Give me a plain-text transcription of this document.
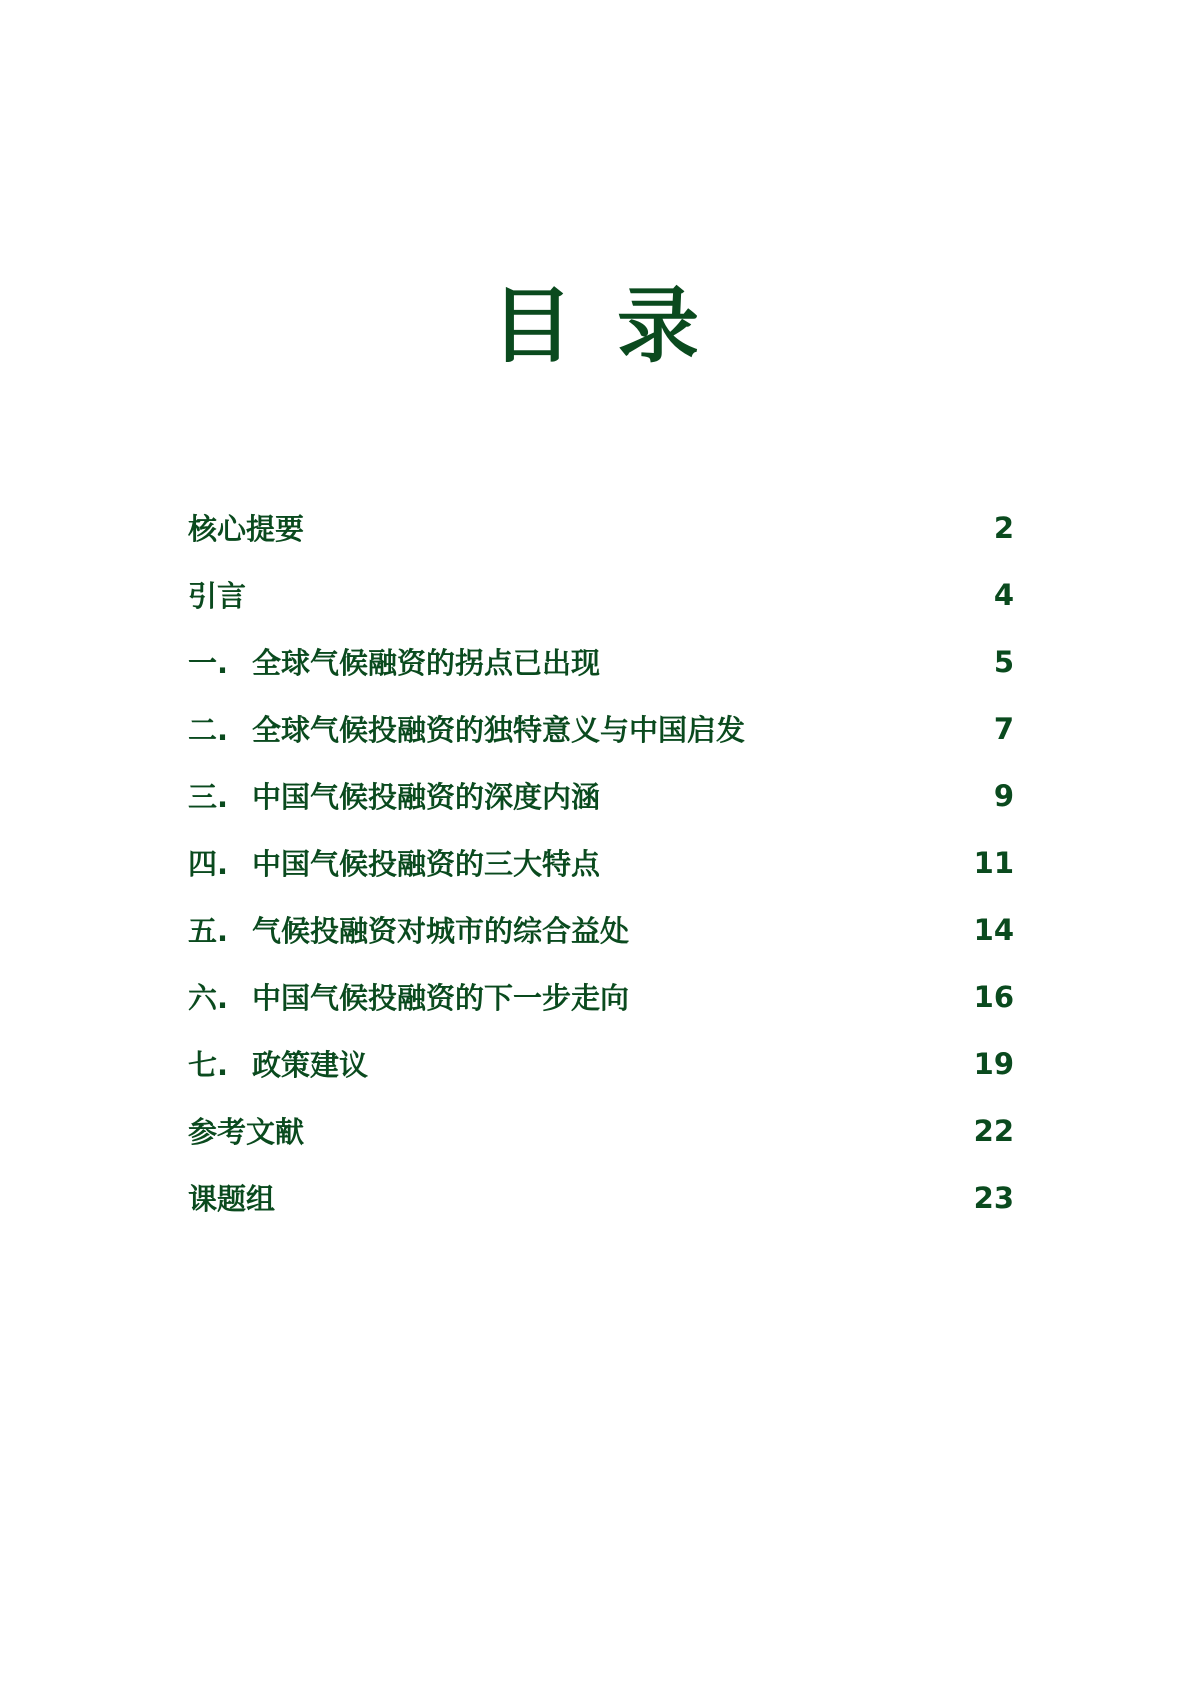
目录
核心提要	2
引言	4
一. 全球气候融资的拐点已出现	5
二. 全球气候投融资的独特意义与中国启发	7
三. 中国气候投融资的深度内涵	9
四. 中国气候投融资的三大特点	11
五. 气候投融资对城市的综合益处	14
六. 中国气候投融资的下一步走向	16
七. 政策建议	19
参考文献	22
课题组	23
